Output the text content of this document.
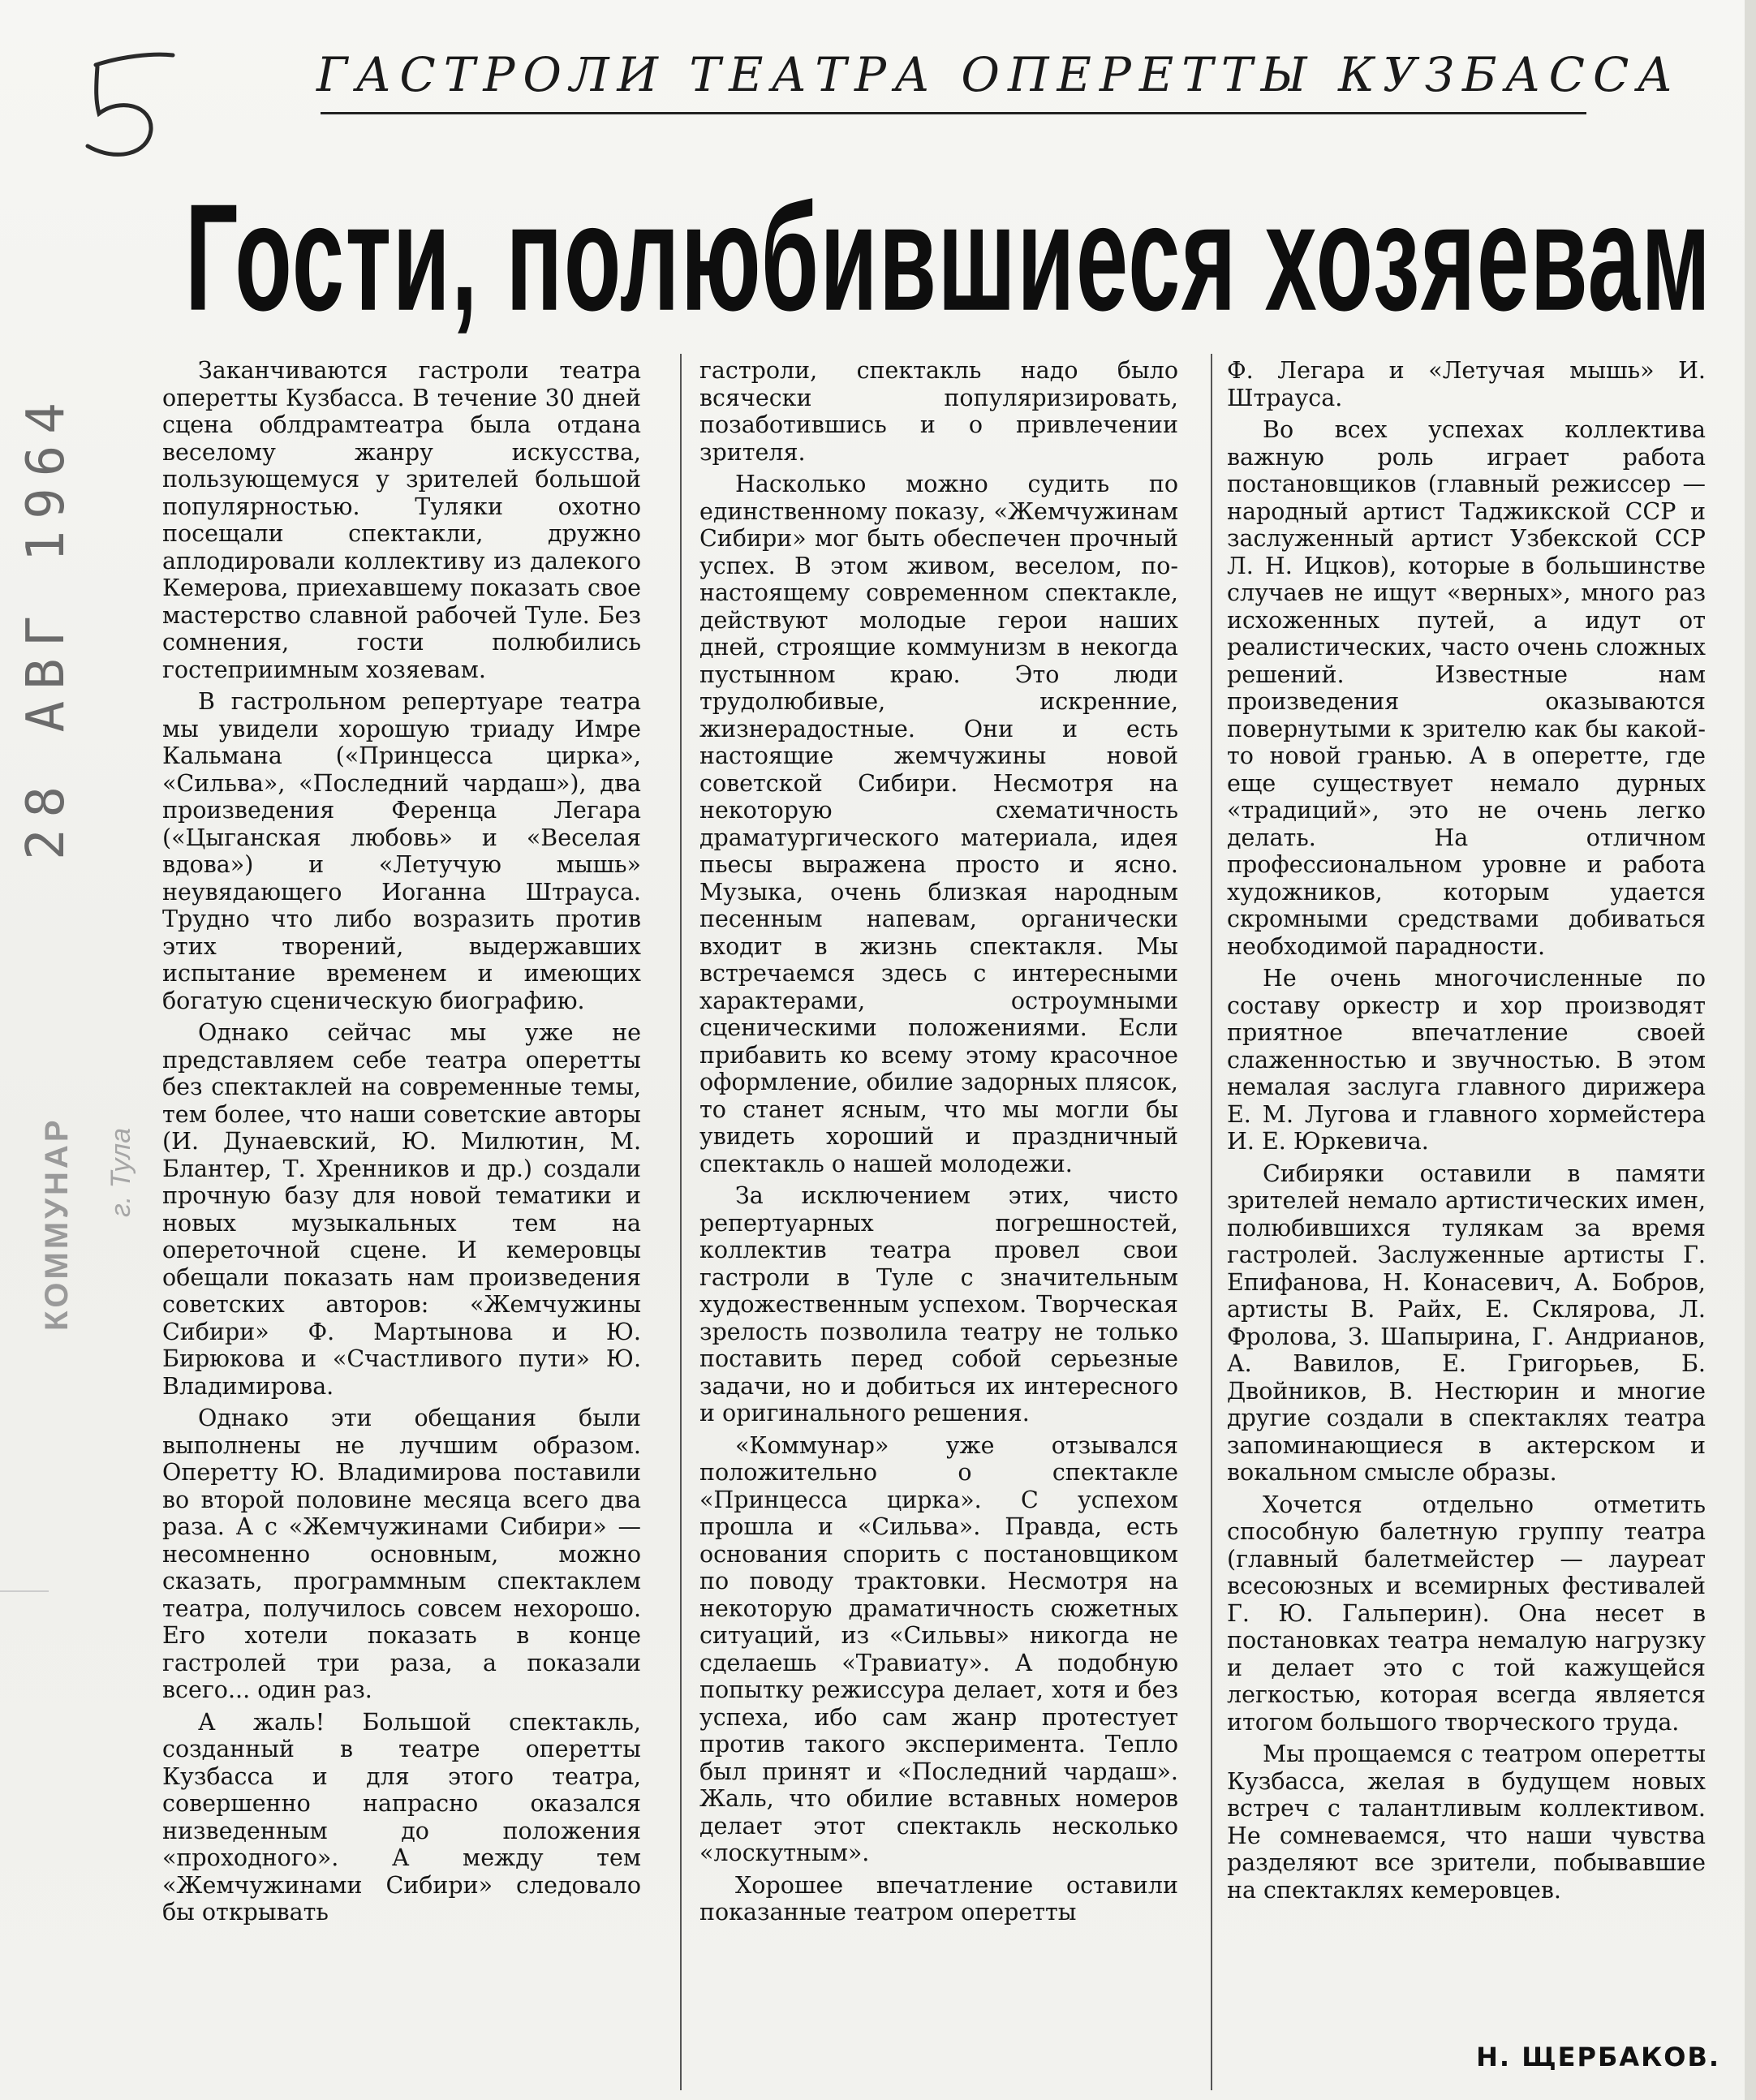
28 АВГ 1964
КОММУНАР г. Тула
ГАСТРОЛИ ТЕАТРА ОПЕРЕТТЫ КУЗБАССА
Гости, полюбившиеся хозяевам

Заканчиваются гастроли театра оперетты Кузбасса. В течение 30 дней сцена облдрамтеатра была отдана веселому жанру искусства, пользующемуся у зрителей большой популярностью. Туляки охотно посещали спектакли, дружно аплодировали коллективу из далекого Кемерова, приехавшему показать свое мастерство славной рабочей Туле. Без сомнения, гости полюбились гостеприимным хозяевам.

В гастрольном репертуаре театра мы увидели хорошую триаду Имре Кальмана («Принцесса цирка», «Сильва», «Последний чардаш»), два произведения Ференца Легара («Цыганская любовь» и «Веселая вдова») и «Летучую мышь» неувядающего Иоганна Штрауса. Трудно что либо возразить против этих творений, выдержавших испытание временем и имеющих богатую сценическую биографию.

Однако сейчас мы уже не представляем себе театра оперетты без спектаклей на современные темы, тем более, что наши советские авторы (И. Дунаевский, Ю. Милютин, М. Блантер, Т. Хренников и др.) создали прочную базу для новой тематики и новых музыкальных тем на опереточной сцене. И кемеровцы обещали показать нам произведения советских авторов: «Жемчужины Сибири» Ф. Мартынова и Ю. Бирюкова и «Счастливого пути» Ю. Владимирова.

Однако эти обещания были выполнены не лучшим образом. Оперетту Ю. Владимирова поставили во второй половине месяца всего два раза. А с «Жемчужинами Сибири» — несомненно основным, можно сказать, программным спектаклем театра, получилось совсем нехорошо. Его хотели показать в конце гастролей три раза, а показали всего... один раз.

А жаль! Большой спектакль, созданный в театре оперетты Кузбасса и для этого театра, совершенно напрасно оказался низведенным до положения «проходного». А между тем «Жемчужинами Сибири» следовало бы открывать

гастроли, спектакль надо было всячески популяризировать, позаботившись и о привлечении зрителя.

Насколько можно судить по единственному показу, «Жемчужинам Сибири» мог быть обеспечен прочный успех. В этом живом, веселом, по-настоящему современном спектакле, действуют молодые герои наших дней, строящие коммунизм в некогда пустынном краю. Это люди трудолюбивые, искренние, жизнерадостные. Они и есть настоящие жемчужины новой советской Сибири. Несмотря на некоторую схематичность драматургического материала, идея пьесы выражена просто и ясно. Музыка, очень близкая народным песенным напевам, органически входит в жизнь спектакля. Мы встречаемся здесь с интересными характерами, остроумными сценическими положениями. Если прибавить ко всему этому красочное оформление, обилие задорных плясок, то станет ясным, что мы могли бы увидеть хороший и праздничный спектакль о нашей молодежи.

За исключением этих, чисто репертуарных погрешностей, коллектив театра провел свои гастроли в Туле с значительным художественным успехом. Творческая зрелость позволила театру не только поставить перед собой серьезные задачи, но и добиться их интересного и оригинального решения.

«Коммунар» уже отзывался положительно о спектакле «Принцесса цирка». С успехом прошла и «Сильва». Правда, есть основания спорить с постановщиком по поводу трактовки. Несмотря на некоторую драматичность сюжетных ситуаций, из «Сильвы» никогда не сделаешь «Травиату». А подобную попытку режиссура делает, хотя и без успеха, ибо сам жанр протестует против такого эксперимента. Тепло был принят и «Последний чардаш». Жаль, что обилие вставных номеров делает этот спектакль несколько «лоскутным».

Хорошее впечатление оставили показанные театром оперетты

Ф. Легара и «Летучая мышь» И. Штрауса.

Во всех успехах коллектива важную роль играет работа постановщиков (главный режиссер — народный артист Таджикской ССР и заслуженный артист Узбекской ССР Л. Н. Ицков), которые в большинстве случаев не ищут «верных», много раз исхоженных путей, а идут от реалистических, часто очень сложных решений. Известные нам произведения оказываются повернутыми к зрителю как бы какой-то новой гранью. А в оперетте, где еще существует немало дурных «традиций», это не очень легко делать. На отличном профессиональном уровне и работа художников, которым удается скромными средствами добиваться необходимой парадности.

Не очень многочисленные по составу оркестр и хор производят приятное впечатление своей слаженностью и звучностью. В этом немалая заслуга главного дирижера Е. М. Лугова и главного хормейстера И. Е. Юркевича.

Сибиряки оставили в памяти зрителей немало артистических имен, полюбившихся тулякам за время гастролей. Заслуженные артисты Г. Епифанова, Н. Конасевич, А. Бобров, артисты В. Райх, Е. Склярова, Л. Фролова, З. Шапырина, Г. Андрианов, А. Вавилов, Е. Григорьев, Б. Двойников, В. Нестюрин и многие другие создали в спектаклях театра запоминающиеся в актерском и вокальном смысле образы.

Хочется отдельно отметить способную балетную группу театра (главный балетмейстер — лауреат всесоюзных и всемирных фестивалей Г. Ю. Гальперин). Она несет в постановках театра немалую нагрузку и делает это с той кажущейся легкостью, которая всегда является итогом большого творческого труда.

Мы прощаемся с театром оперетты Кузбасса, желая в будущем новых встреч с талантливым коллективом. Не сомневаемся, что наши чувства разделяют все зрители, побывавшие на спектаклях кемеровцев.

Н. ЩЕРБАКОВ.
